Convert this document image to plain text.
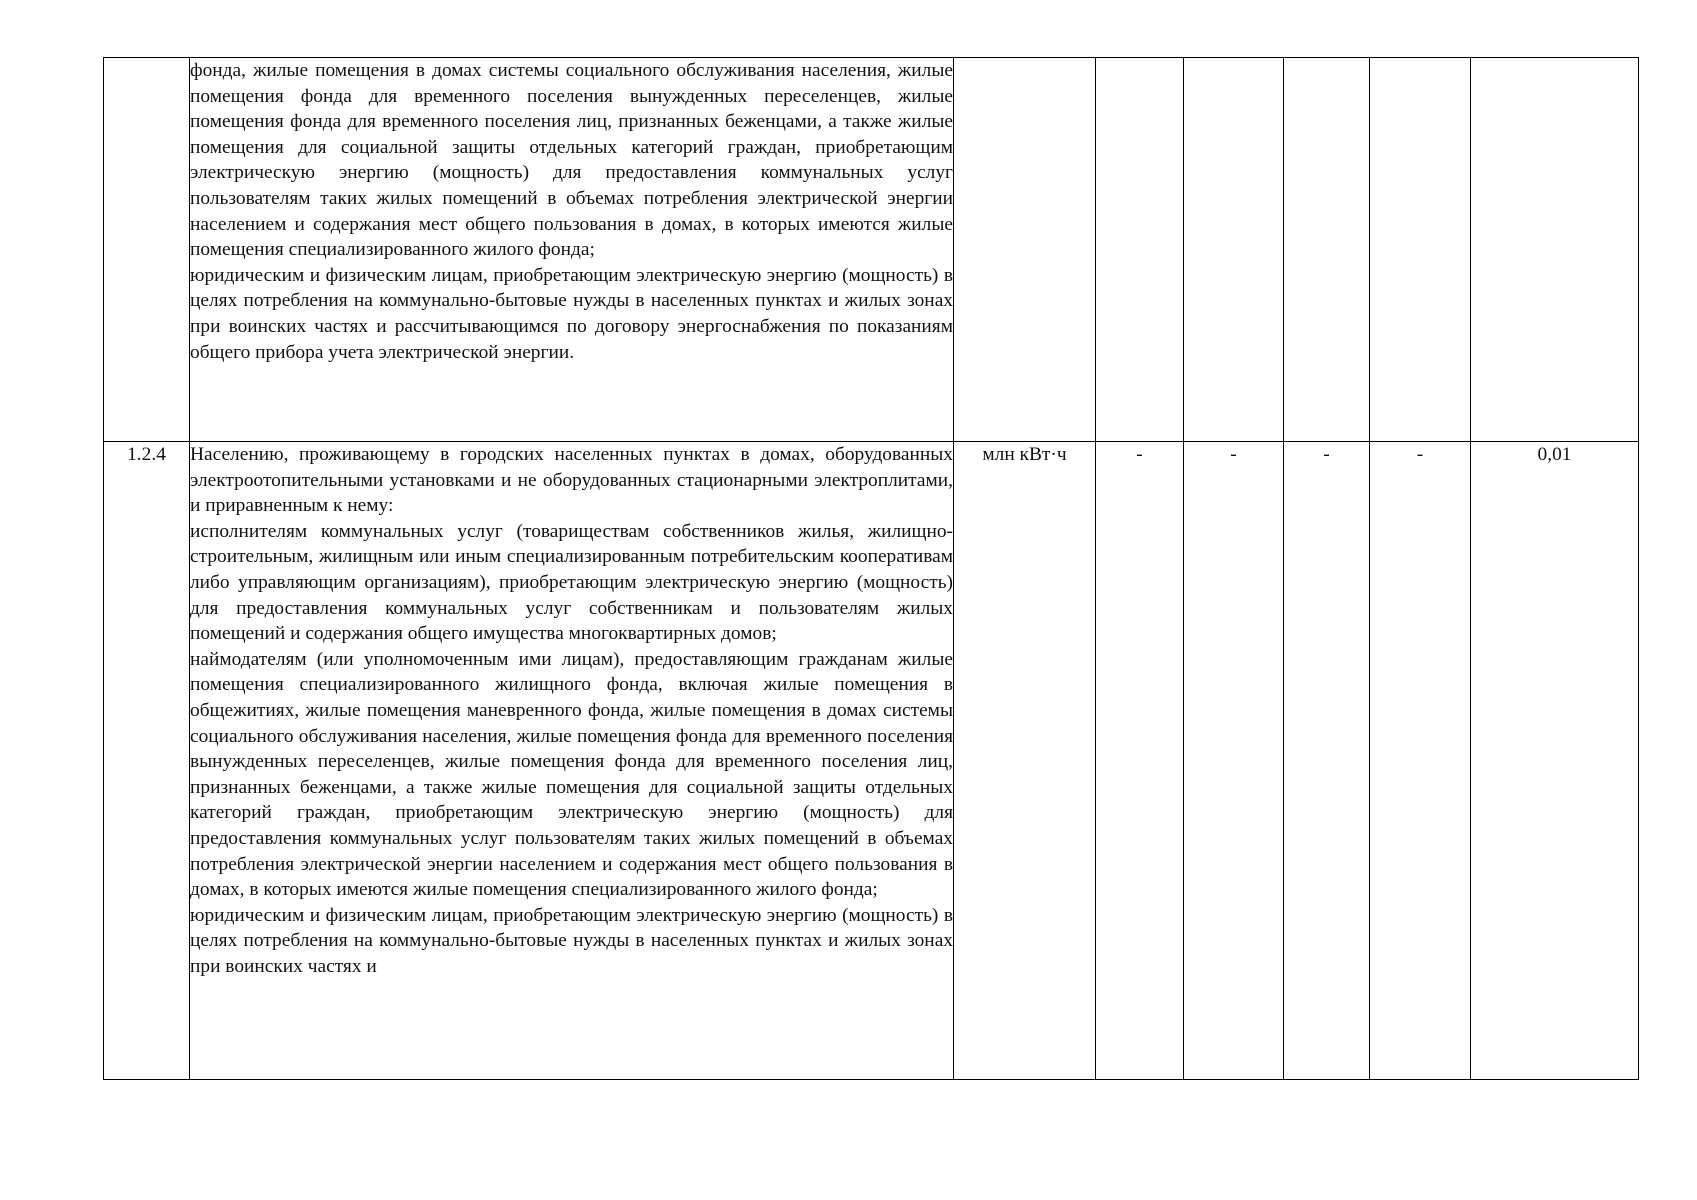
	фонда, жилые помещения в домах системы социального обслуживания населения, жилые помещения фонда для временного поселения вынужденных переселенцев, жилые помещения фонда для временного поселения лиц, признанных беженцами, а также жилые помещения для социальной защиты отдельных категорий граждан, приобретающим электрическую энергию (мощность) для предоставления коммунальных услуг пользователям таких жилых помещений в объемах потребления электрической энергии населением и содержания мест общего пользования в домах, в которых имеются жилые помещения специализированного жилого фонда;

юридическим и физическим лицам, приобретающим электрическую энергию (мощность) в целях потребления на коммунально-бытовые нужды в населенных пунктах и жилых зонах при воинских частях и рассчитывающимся по договору энергоснабжения по показаниям общего прибора учета электрической энергии.						

1.2.4	Населению, проживающему в городских населенных пунктах в домах, оборудованных электроотопительными установками и не оборудованных стационарными электроплитами, и приравненным к нему:

исполнителям коммунальных услуг (товариществам собственников жилья, жилищно-строительным, жилищным или иным специализированным потребительским кооперативам либо управляющим организациям), приобретающим электрическую энергию (мощность) для предоставления коммунальных услуг собственникам и пользователям жилых помещений и содержания общего имущества многоквартирных домов;

наймодателям (или уполномоченным ими лицам), предоставляющим гражданам жилые помещения специализированного жилищного фонда, включая жилые помещения в общежитиях, жилые помещения маневренного фонда, жилые помещения в домах системы социального обслуживания населения, жилые помещения фонда для временного поселения вынужденных переселенцев, жилые помещения фонда для временного поселения лиц, признанных беженцами, а также жилые помещения для социальной защиты отдельных категорий граждан, приобретающим электрическую энергию (мощность) для предоставления коммунальных услуг пользователям таких жилых помещений в объемах потребления электрической энергии населением и содержания мест общего пользования в домах, в которых имеются жилые помещения специализированного жилого фонда;

юридическим и физическим лицам, приобретающим электрическую энергию (мощность) в целях потребления на коммунально-бытовые нужды в населенных пунктах и жилых зонах при воинских частях и	млн кВт·ч	-	-	-	-	0,01
